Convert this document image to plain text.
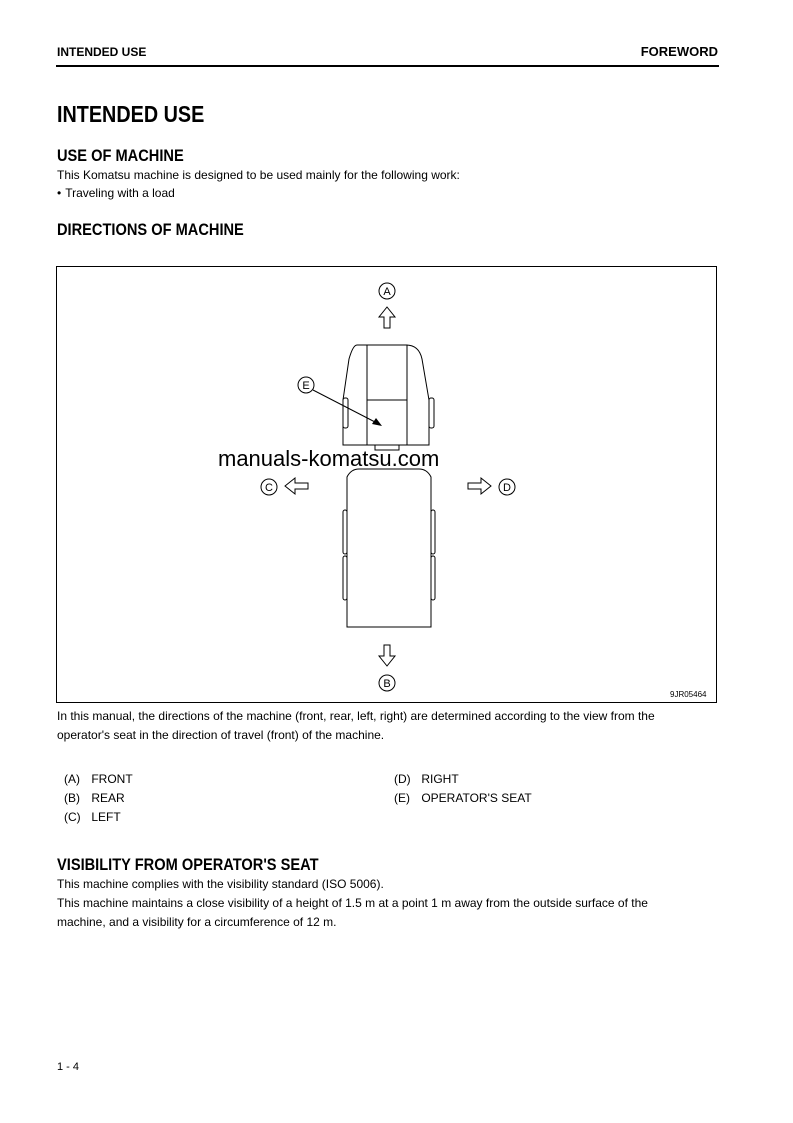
INTENDED USE	FOREWORD
INTENDED USE
USE OF MACHINE
This Komatsu machine is designed to be used mainly for the following work:
• Traveling with a load
DIRECTIONS OF MACHINE
A
B
C	D
E
manuals-komatsu.com
9JR05464
In this manual, the directions of the machine (front, rear, left, right) are determined according to the view from the
operator's seat in the direction of travel (front) of the machine.
(A) FRONT
(B) REAR
(C) LEFT
(D) RIGHT
(E) OPERATOR'S SEAT
VISIBILITY FROM OPERATOR'S SEAT
This machine complies with the visibility standard (ISO 5006).
This machine maintains a close visibility of a height of 1.5 m at a point 1 m away from the outside surface of the
machine, and a visibility for a circumference of 12 m.
1 - 4
